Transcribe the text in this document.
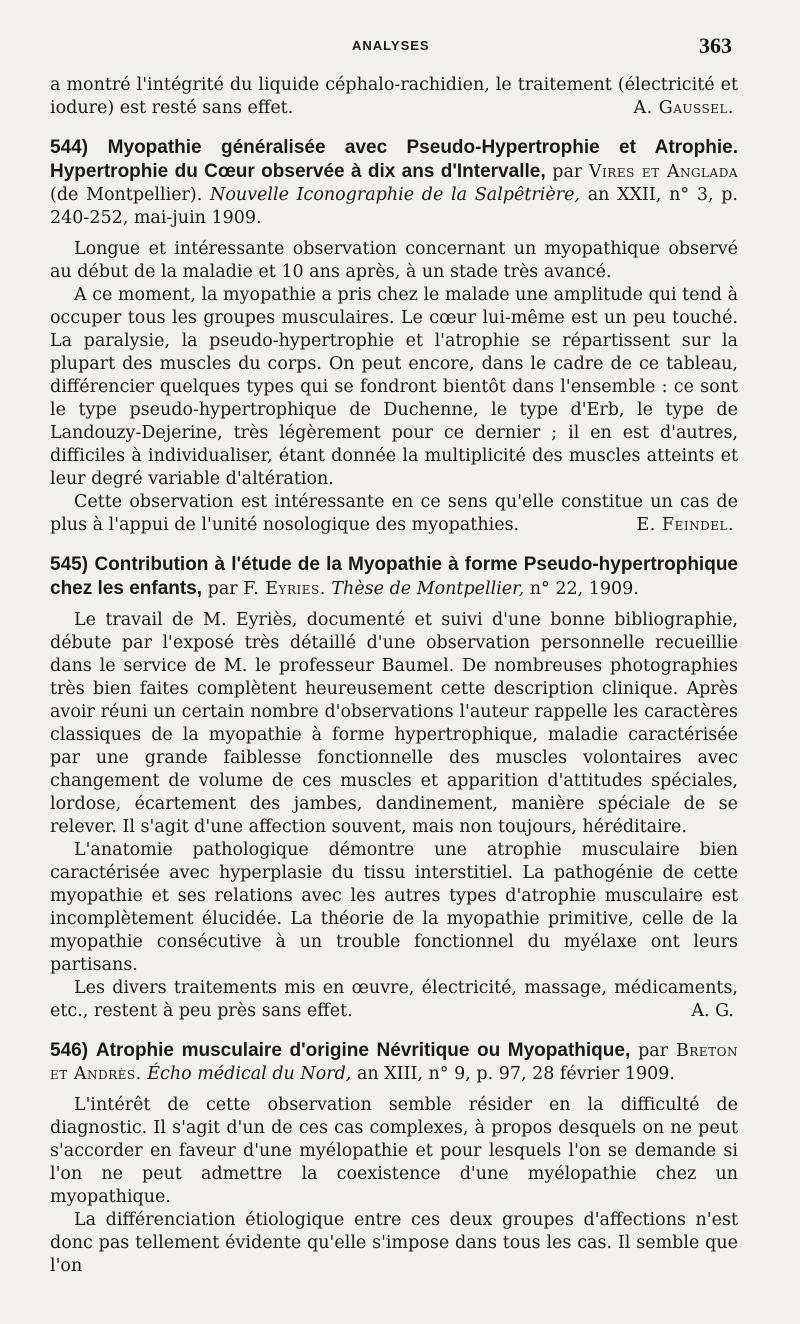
ANALYSES	363

a montré l'intégrité du liquide céphalo-rachidien, le traitement (électricité et iodure) est resté sans effet.	A. Gaussel.

544) Myopathie généralisée avec Pseudo-Hypertrophie et Atrophie. Hypertrophie du Cœur observée à dix ans d'Intervalle, par Vires et Anglada (de Montpellier). Nouvelle Iconographie de la Salpêtrière, an XXII, n° 3, p. 240-252, mai-juin 1909.

Longue et intéressante observation concernant un myopathique observé au début de la maladie et 10 ans après, à un stade très avancé.

A ce moment, la myopathie a pris chez le malade une amplitude qui tend à occuper tous les groupes musculaires. Le cœur lui-même est un peu touché. La paralysie, la pseudo-hypertrophie et l'atrophie se répartissent sur la plupart des muscles du corps. On peut encore, dans le cadre de ce tableau, différencier quelques types qui se fondront bientôt dans l'ensemble : ce sont le type pseudo-hypertrophique de Duchenne, le type d'Erb, le type de Landouzy-Dejerine, très légèrement pour ce dernier ; il en est d'autres, difficiles à individualiser, étant donnée la multiplicité des muscles atteints et leur degré variable d'altération.

Cette observation est intéressante en ce sens qu'elle constitue un cas de plus à l'appui de l'unité nosologique des myopathies.	E. Feindel.

545) Contribution à l'étude de la Myopathie à forme Pseudo-hypertrophique chez les enfants, par F. Eyries. Thèse de Montpellier, n° 22, 1909.

Le travail de M. Eyriès, documenté et suivi d'une bonne bibliographie, débute par l'exposé très détaillé d'une observation personnelle recueillie dans le service de M. le professeur Baumel. De nombreuses photographies très bien faites complètent heureusement cette description clinique. Après avoir réuni un certain nombre d'observations l'auteur rappelle les caractères classiques de la myopathie à forme hypertrophique, maladie caractérisée par une grande faiblesse fonctionnelle des muscles volontaires avec changement de volume de ces muscles et apparition d'attitudes spéciales, lordose, écartement des jambes, dandinement, manière spéciale de se relever. Il s'agit d'une affection souvent, mais non toujours, héréditaire.

L'anatomie pathologique démontre une atrophie musculaire bien caractérisée avec hyperplasie du tissu interstitiel. La pathogénie de cette myopathie et ses relations avec les autres types d'atrophie musculaire est incomplètement élucidée. La théorie de la myopathie primitive, celle de la myopathie consécutive à un trouble fonctionnel du myélaxe ont leurs partisans.

Les divers traitements mis en œuvre, électricité, massage, médicaments, etc., restent à peu près sans effet.	A. G.

546) Atrophie musculaire d'origine Névritique ou Myopathique, par Breton et Andrès. Écho médical du Nord, an XIII, n° 9, p. 97, 28 février 1909.

L'intérêt de cette observation semble résider en la difficulté de diagnostic. Il s'agit d'un de ces cas complexes, à propos desquels on ne peut s'accorder en faveur d'une myélopathie et pour lesquels l'on se demande si l'on ne peut admettre la coexistence d'une myélopathie chez un myopathique.

La différenciation étiologique entre ces deux groupes d'affections n'est donc pas tellement évidente qu'elle s'impose dans tous les cas. Il semble que l'on
